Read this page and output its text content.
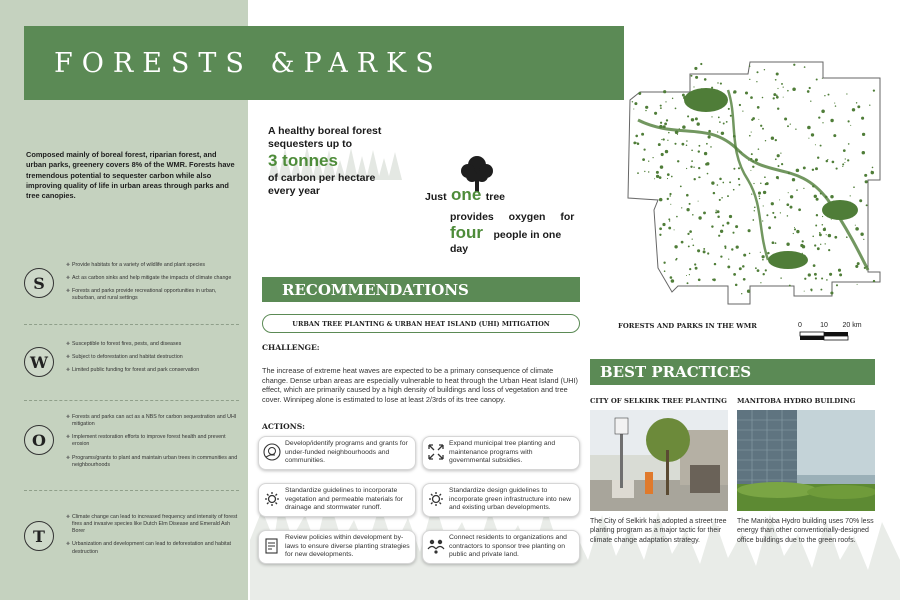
FORESTS &PARKS
Composed mainly of boreal forest, riparian forest, and urban parks, greenery covers 8% of the WMR. Forests have tremendous potential to sequester carbon while also improving quality of life in urban areas through parks and tree canopies.
S
❖ Provide habitats for a variety of wildlife and plant species
❖ Act as carbon sinks and help mitigate the impacts of climate change
❖ Forests and parks provide recreational opportunities in urban, suburban, and rural settings
W
❖ Susceptible to forest fires, pests, and diseases
❖ Subject to deforestation and habitat destruction
❖ Limited public funding for forest and park conservation
O
❖ Forests and parks can act as a NBS for carbon sequestration and UHI mitigation
❖ Implement restoration efforts to improve forest health and prevent erosion
❖ Programs/grants to plant and maintain urban trees in communities and neighbourhoods
T
❖ Climate change can lead to increased frequency and intensity of forest fires and invasive species like Dutch Elm Disease and Emerald Ash Borer
❖ Urbanization and development can lead to deforestation and habitat destruction
A healthy boreal forest
sequesters up to
3 tonnes
of carbon per hectare
every year
Just one tree
provides oxygen for
four people in one
day
FORESTS AND PARKS IN THE WMR	0	10 20 km
RECOMMENDATIONS
URBAN TREE PLANTING & URBAN HEAT ISLAND (UHI) MITIGATION
CHALLENGE:
The increase of extreme heat waves are expected to be a primary consequence of climate change. Dense urban areas are especially vulnerable to heat through the Urban Heat Island (UHI) effect, which are primarily caused by a high density of buildings and loss of vegetation and tree cover. Winnipeg alone is estimated to lose at least 2/3rds of its tree canopy.
ACTIONS:
Develop/identify programs and grants for under-funded neighbourhoods and communities.
Expand municipal tree planting and maintenance programs with governmental subsidies.
Standardize guidelines to incorporate vegetation and permeable materials for drainage and stormwater runoff.
Standardize design guidelines to incorporate green infrastructure into new and existing urban developments.
Review policies within development by-laws to ensure diverse planting strategies for new developments.
Connect residents to organizations and contractors to sponsor tree planting on public and private land.
BEST PRACTICES
CITY OF SELKIRK TREE PLANTING MANITOBA HYDRO BUILDING
The City of Selkirk has adopted a street tree planting program as a major tactic for their climate change adaptation strategy.
The Manitoba Hydro building uses 70% less energy than other conventionally-designed office buildings due to the green roofs.
